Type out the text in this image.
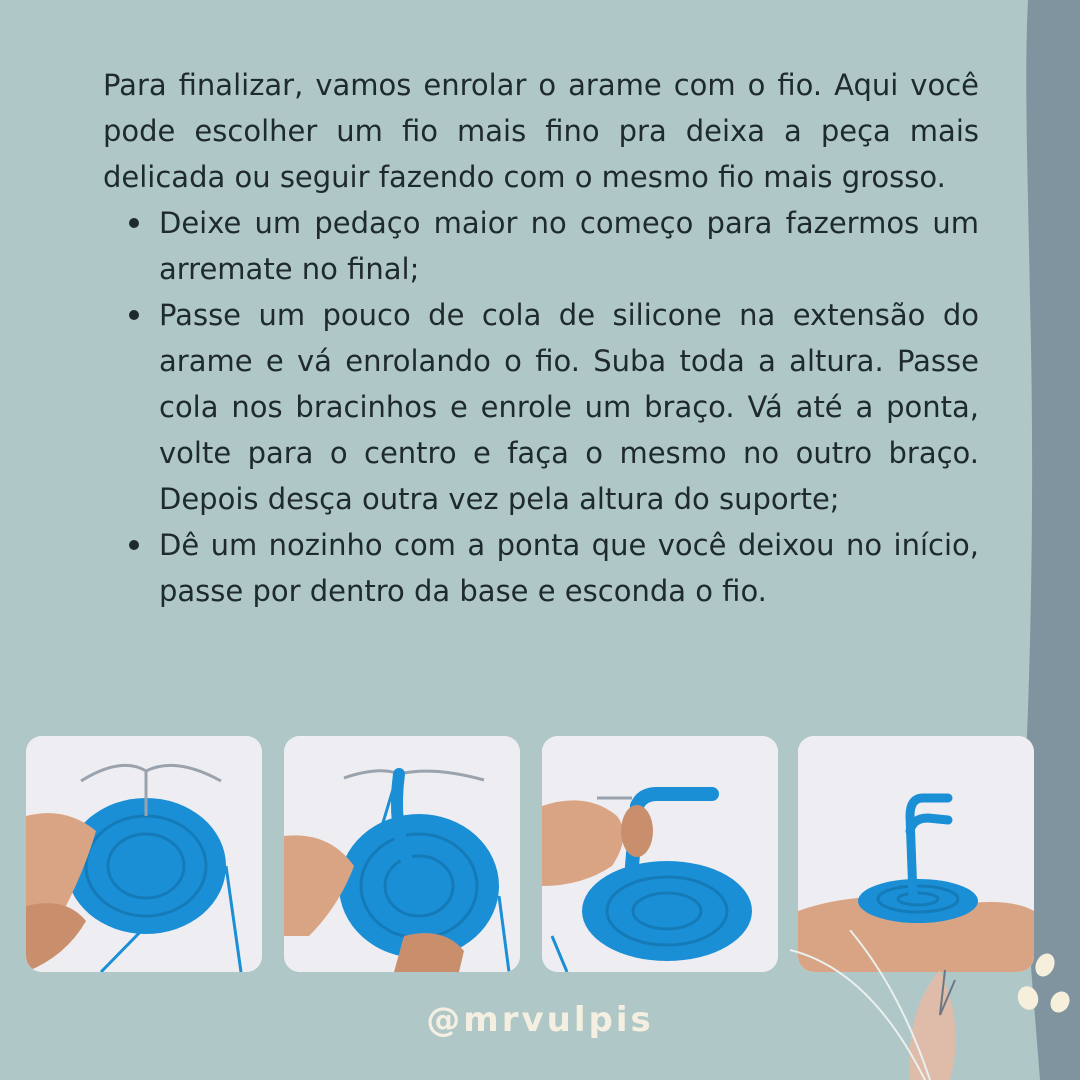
Para finalizar, vamos enrolar o arame com o fio. Aqui você pode escolher um fio mais fino pra deixa a peça mais delicada ou seguir fazendo com o mesmo fio mais grosso.

Deixe um pedaço maior no começo para fazermos um arremate no final;
Passe um pouco de cola de silicone na extensão do arame e vá enrolando o fio. Suba toda a altura. Passe cola nos bracinhos e enrole um braço. Vá até a ponta, volte para o centro e faça o mesmo no outro braço. Depois desça outra vez pela altura do suporte;
Dê um nozinho com a ponta que você deixou no início, passe por dentro da base e esconda o fio.
@mrvulpis
